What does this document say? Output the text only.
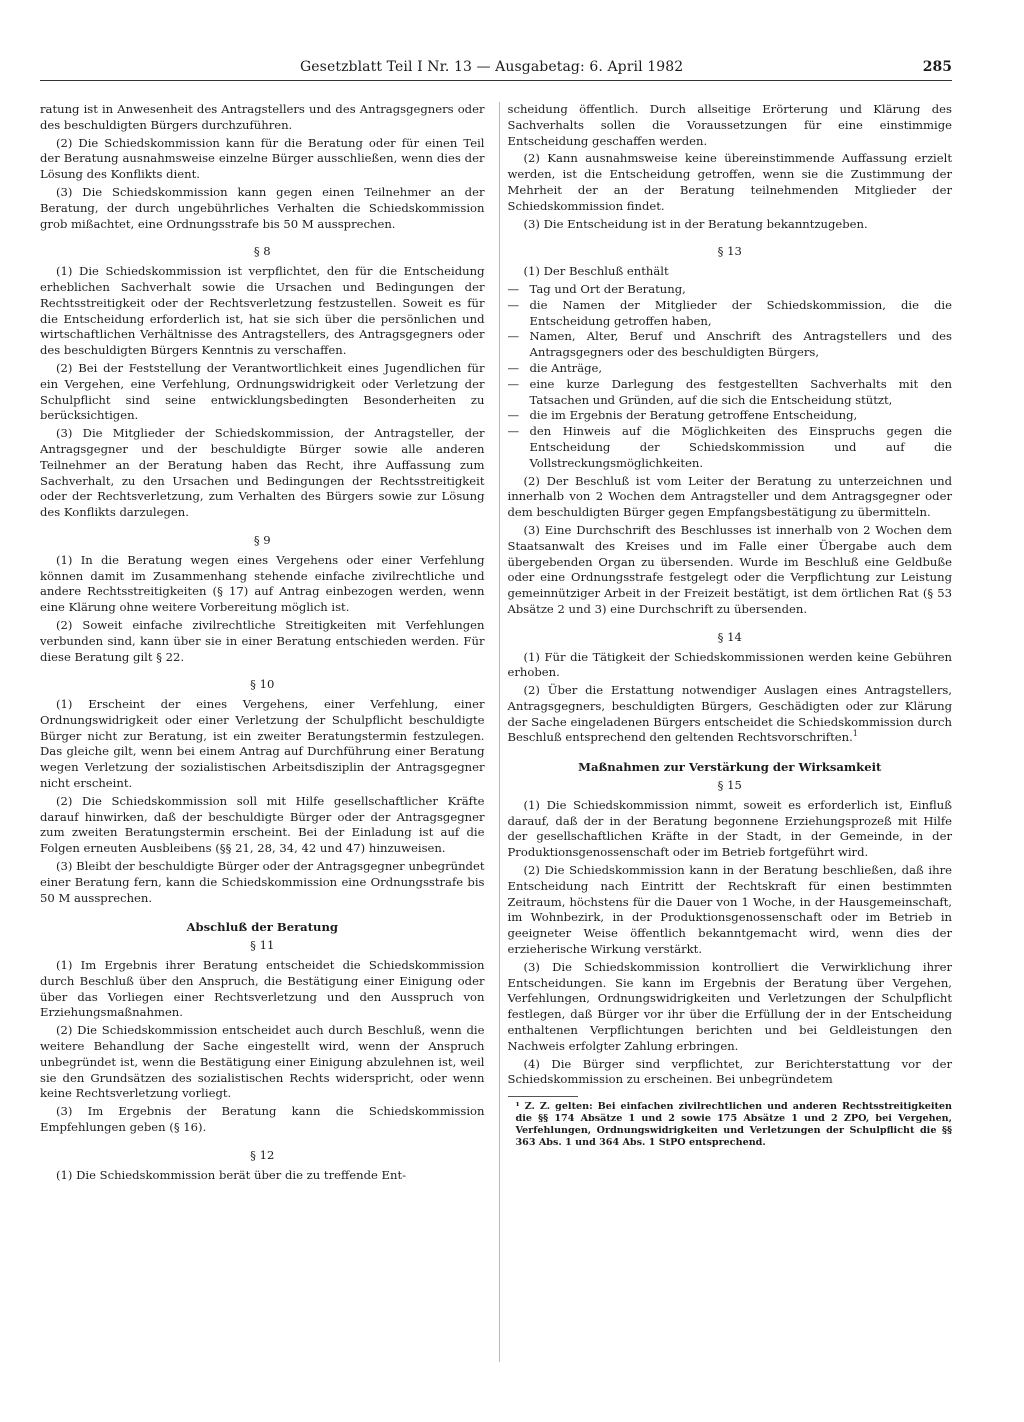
Gesetzblatt Teil I Nr. 13 — Ausgabetag: 6. April 1982	285

ratung ist in Anwesenheit des Antragstellers und des Antragsgegners oder des beschuldigten Bürgers durchzuführen.

(2) Die Schiedskommission kann für die Beratung oder für einen Teil der Beratung ausnahmsweise einzelne Bürger ausschließen, wenn dies der Lösung des Konflikts dient.

(3) Die Schiedskommission kann gegen einen Teilnehmer an der Beratung, der durch ungebührliches Verhalten die Schiedskommission grob mißachtet, eine Ordnungsstrafe bis 50 M aussprechen.

§ 8

(1) Die Schiedskommission ist verpflichtet, den für die Entscheidung erheblichen Sachverhalt sowie die Ursachen und Bedingungen der Rechtsstreitigkeit oder der Rechtsverletzung festzustellen. Soweit es für die Entscheidung erforderlich ist, hat sie sich über die persönlichen und wirtschaftlichen Verhältnisse des Antragstellers, des Antragsgegners oder des beschuldigten Bürgers Kenntnis zu verschaffen.

(2) Bei der Feststellung der Verantwortlichkeit eines Jugendlichen für ein Vergehen, eine Verfehlung, Ordnungswidrigkeit oder Verletzung der Schulpflicht sind seine entwicklungsbedingten Besonderheiten zu berücksichtigen.

(3) Die Mitglieder der Schiedskommission, der Antragsteller, der Antragsgegner und der beschuldigte Bürger sowie alle anderen Teilnehmer an der Beratung haben das Recht, ihre Auffassung zum Sachverhalt, zu den Ursachen und Bedingungen der Rechtsstreitigkeit oder der Rechtsverletzung, zum Verhalten des Bürgers sowie zur Lösung des Konflikts darzulegen.

§ 9

(1) In die Beratung wegen eines Vergehens oder einer Verfehlung können damit im Zusammenhang stehende einfache zivilrechtliche und andere Rechtsstreitigkeiten (§ 17) auf Antrag einbezogen werden, wenn eine Klärung ohne weitere Vorbereitung möglich ist.

(2) Soweit einfache zivilrechtliche Streitigkeiten mit Verfehlungen verbunden sind, kann über sie in einer Beratung entschieden werden. Für diese Beratung gilt § 22.

§ 10

(1) Erscheint der eines Vergehens, einer Verfehlung, einer Ordnungswidrigkeit oder einer Verletzung der Schulpflicht beschuldigte Bürger nicht zur Beratung, ist ein zweiter Beratungstermin festzulegen. Das gleiche gilt, wenn bei einem Antrag auf Durchführung einer Beratung wegen Verletzung der sozialistischen Arbeitsdisziplin der Antragsgegner nicht erscheint.

(2) Die Schiedskommission soll mit Hilfe gesellschaftlicher Kräfte darauf hinwirken, daß der beschuldigte Bürger oder der Antragsgegner zum zweiten Beratungstermin erscheint. Bei der Einladung ist auf die Folgen erneuten Ausbleibens (§§ 21, 28, 34, 42 und 47) hinzuweisen.

(3) Bleibt der beschuldigte Bürger oder der Antragsgegner unbegründet einer Beratung fern, kann die Schiedskommission eine Ordnungsstrafe bis 50 M aussprechen.

Abschluß der Beratung
§ 11

(1) Im Ergebnis ihrer Beratung entscheidet die Schiedskommission durch Beschluß über den Anspruch, die Bestätigung einer Einigung oder über das Vorliegen einer Rechtsverletzung und den Ausspruch von Erziehungsmaßnahmen.

(2) Die Schiedskommission entscheidet auch durch Beschluß, wenn die weitere Behandlung der Sache eingestellt wird, wenn der Anspruch unbegründet ist, wenn die Bestätigung einer Einigung abzulehnen ist, weil sie den Grundsätzen des sozialistischen Rechts widerspricht, oder wenn keine Rechtsverletzung vorliegt.

(3) Im Ergebnis der Beratung kann die Schiedskommission Empfehlungen geben (§ 16).

§ 12

(1) Die Schiedskommission berät über die zu treffende Ent-

scheidung öffentlich. Durch allseitige Erörterung und Klärung des Sachverhalts sollen die Voraussetzungen für eine einstimmige Entscheidung geschaffen werden.

(2) Kann ausnahmsweise keine übereinstimmende Auffassung erzielt werden, ist die Entscheidung getroffen, wenn sie die Zustimmung der Mehrheit der an der Beratung teilnehmenden Mitglieder der Schiedskommission findet.

(3) Die Entscheidung ist in der Beratung bekanntzugeben.

§ 13

(1) Der Beschluß enthält

— Tag und Ort der Beratung,
— die Namen der Mitglieder der Schiedskommission, die die Entscheidung getroffen haben,
— Namen, Alter, Beruf und Anschrift des Antragstellers und des Antragsgegners oder des beschuldigten Bürgers,
— die Anträge,
— eine kurze Darlegung des festgestellten Sachverhalts mit den Tatsachen und Gründen, auf die sich die Entscheidung stützt,
— die im Ergebnis der Beratung getroffene Entscheidung,
— den Hinweis auf die Möglichkeiten des Einspruchs gegen die Entscheidung der Schiedskommission und auf die Vollstreckungsmöglichkeiten.

(2) Der Beschluß ist vom Leiter der Beratung zu unterzeichnen und innerhalb von 2 Wochen dem Antragsteller und dem Antragsgegner oder dem beschuldigten Bürger gegen Empfangsbestätigung zu übermitteln.

(3) Eine Durchschrift des Beschlusses ist innerhalb von 2 Wochen dem Staatsanwalt des Kreises und im Falle einer Übergabe auch dem übergebenden Organ zu übersenden. Wurde im Beschluß eine Geldbuße oder eine Ordnungsstrafe festgelegt oder die Verpflichtung zur Leistung gemeinnütziger Arbeit in der Freizeit bestätigt, ist dem örtlichen Rat (§ 53 Absätze 2 und 3) eine Durchschrift zu übersenden.

§ 14

(1) Für die Tätigkeit der Schiedskommissionen werden keine Gebühren erhoben.

(2) Über die Erstattung notwendiger Auslagen eines Antragstellers, Antragsgegners, beschuldigten Bürgers, Geschädigten oder zur Klärung der Sache eingeladenen Bürgers entscheidet die Schiedskommission durch Beschluß entsprechend den geltenden Rechtsvorschriften.$^1$

Maßnahmen zur Verstärkung der Wirksamkeit
§ 15

(1) Die Schiedskommission nimmt, soweit es erforderlich ist, Einfluß darauf, daß der in der Beratung begonnene Erziehungsprozeß mit Hilfe der gesellschaftlichen Kräfte in der Stadt, in der Gemeinde, in der Produktionsgenossenschaft oder im Betrieb fortgeführt wird.

(2) Die Schiedskommission kann in der Beratung beschließen, daß ihre Entscheidung nach Eintritt der Rechtskraft für einen bestimmten Zeitraum, höchstens für die Dauer von 1 Woche, in der Hausgemeinschaft, im Wohnbezirk, in der Produktionsgenossenschaft oder im Betrieb in geeigneter Weise öffentlich bekanntgemacht wird, wenn dies der erzieherische Wirkung verstärkt.

(3) Die Schiedskommission kontrolliert die Verwirklichung ihrer Entscheidungen. Sie kann im Ergebnis der Beratung über Vergehen, Verfehlungen, Ordnungswidrigkeiten und Verletzungen der Schulpflicht festlegen, daß Bürger vor ihr über die Erfüllung der in der Entscheidung enthaltenen Verpflichtungen berichten und bei Geldleistungen den Nachweis erfolgter Zahlung erbringen.

(4) Die Bürger sind verpflichtet, zur Berichterstattung vor der Schiedskommission zu erscheinen. Bei unbegründetem

¹ Z. Z. gelten: Bei einfachen zivilrechtlichen und anderen Rechtsstreitigkeiten die §§ 174 Absätze 1 und 2 sowie 175 Absätze 1 und 2 ZPO, bei Vergehen, Verfehlungen, Ordnungswidrigkeiten und Verletzungen der Schulpflicht die §§ 363 Abs. 1 und 364 Abs. 1 StPO entsprechend.
